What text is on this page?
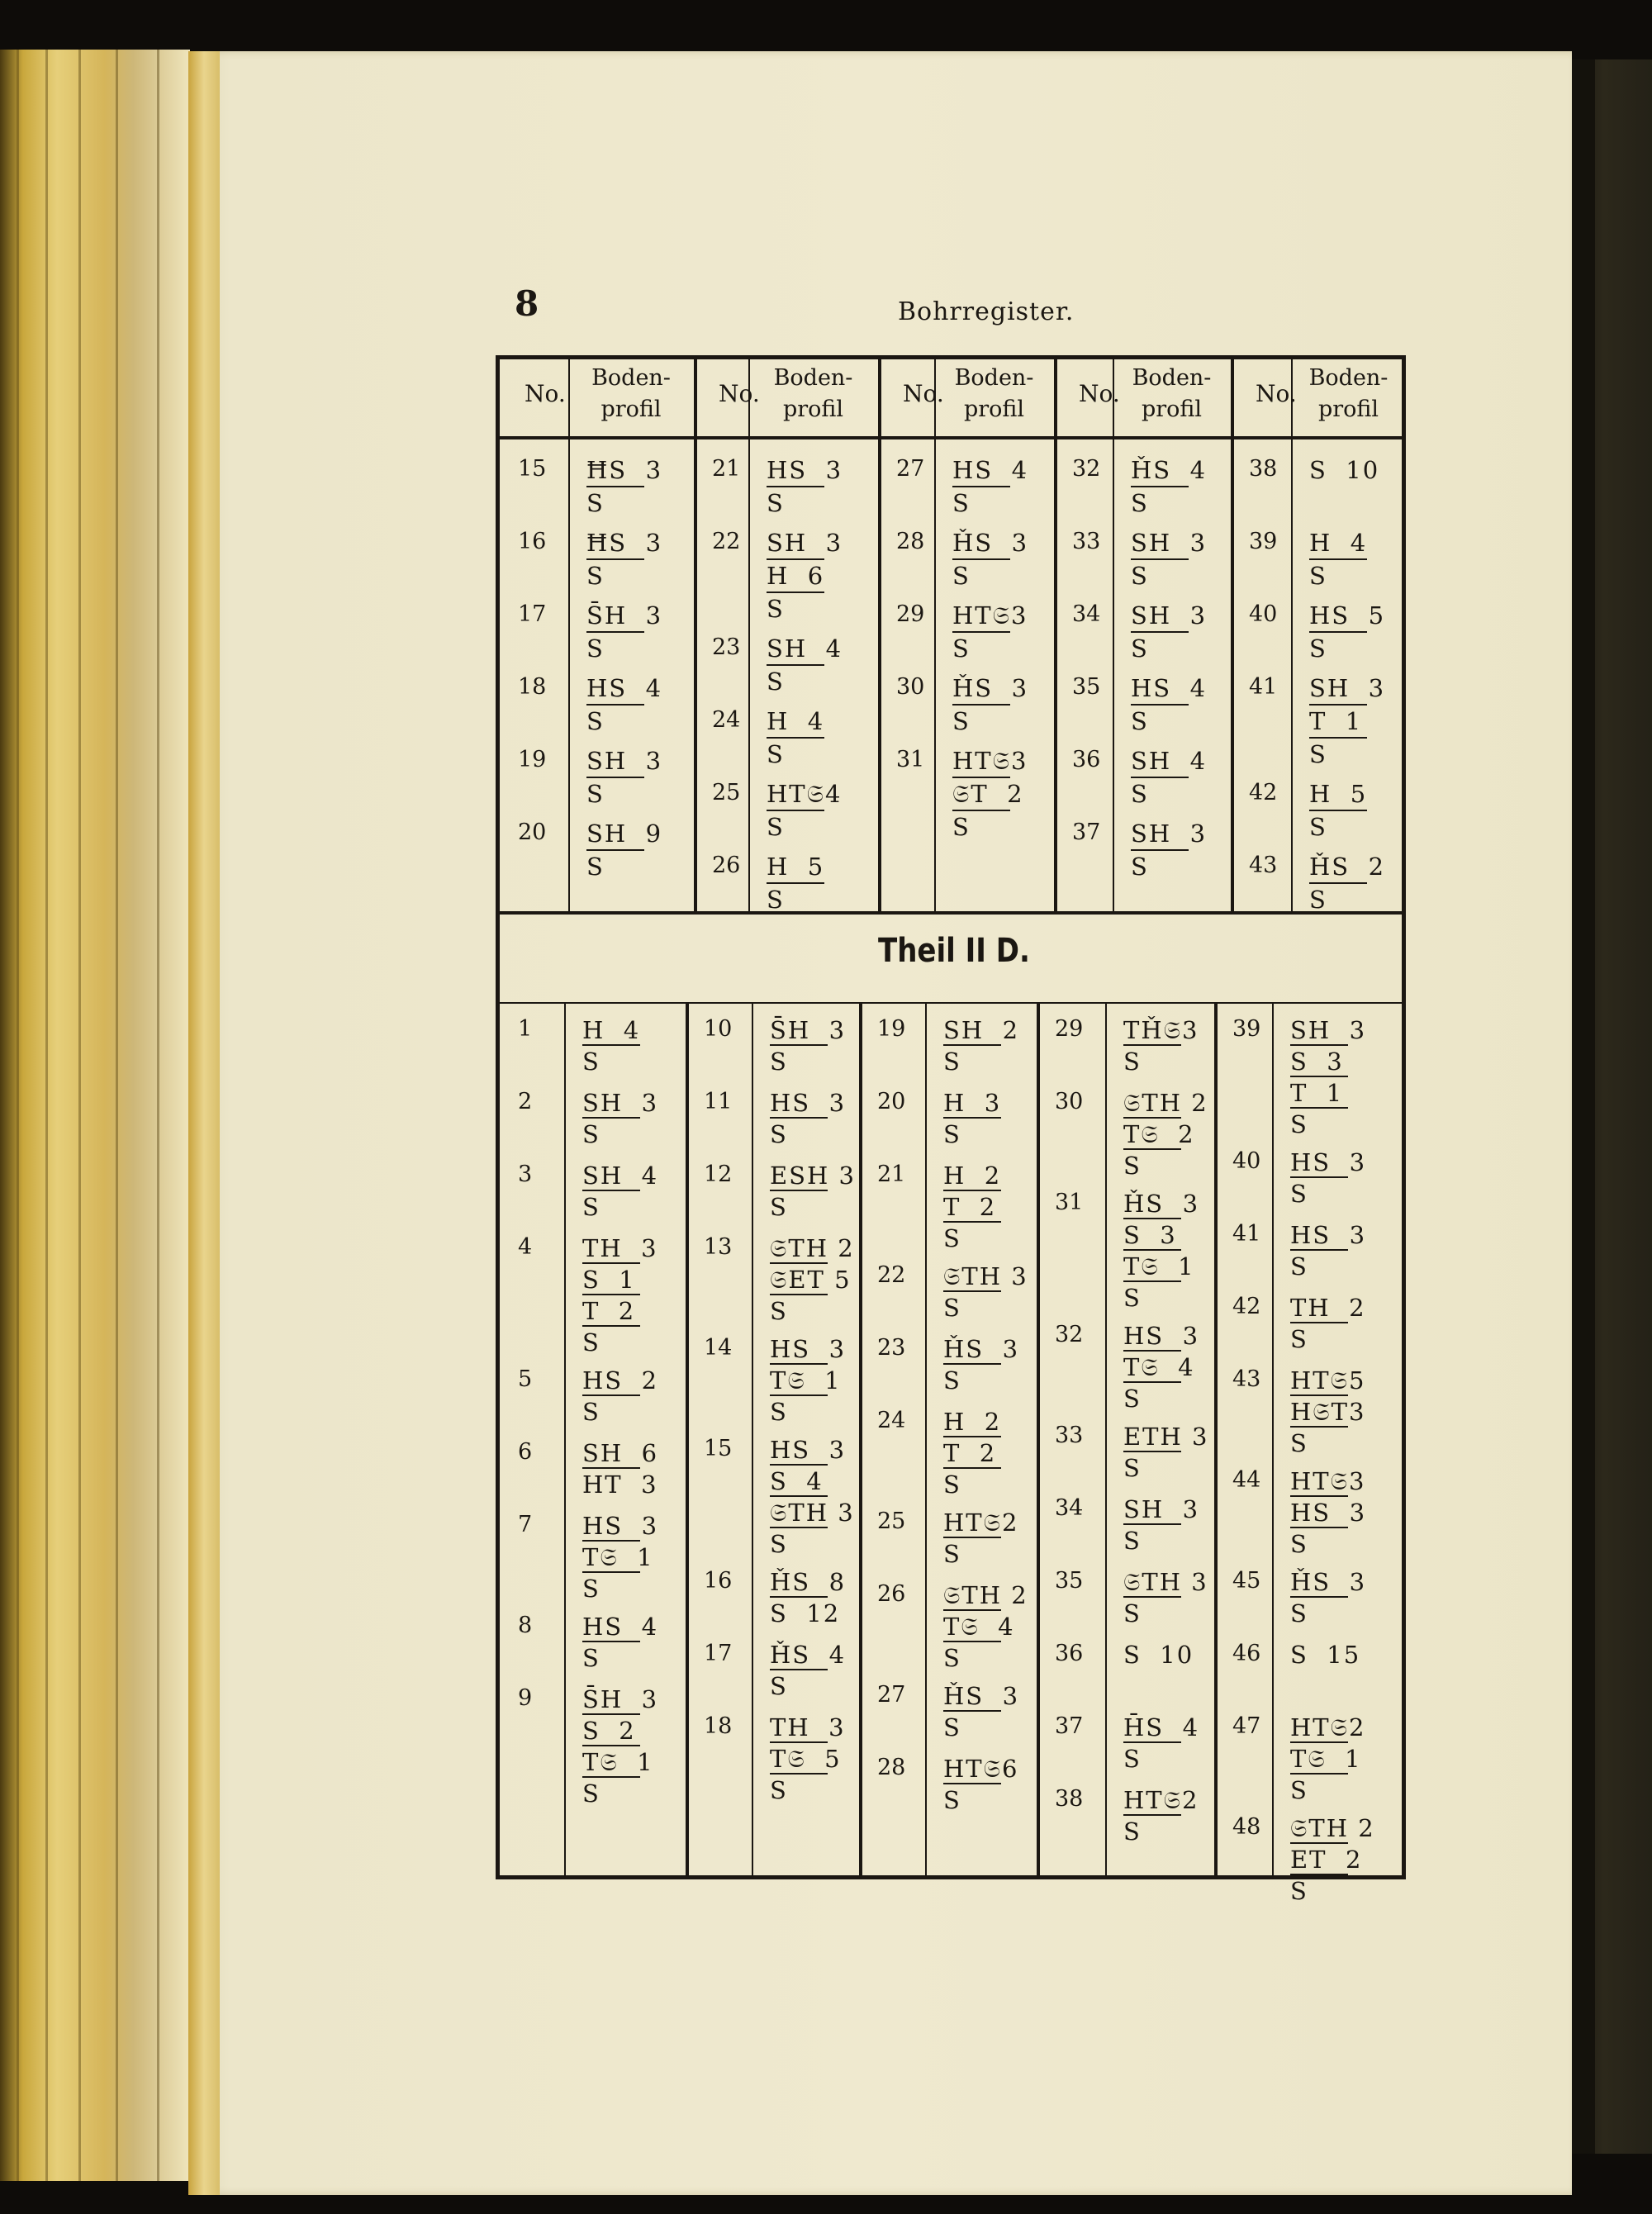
8	Bohrregister.
No.
Boden-
profil
No.
Boden-
profil
No.
Boden-
profil
No.
Boden-
profil
No.
Boden-
profil
15 ĦS  3
S
16 ĦS  3
S
17 S̄H  3
S
18 HS  4
S
19 SH  3
S
20 SH  9
S
21 HS  3
S
22 SH  3
H  6
S
23 SH  4
S
24 H  4
S
25 HT𝔖4
S
26 H  5
S
27 HS  4
S
28 ȞS  3
S
29 HT𝔖3
S
30 ȞS  3
S
31 HT𝔖3
𝔖T  2
S
32 ȞS  4
S
33 SH  3
S
34 SH  3
S
35 HS  4
S
36 SH  4
S
37 SH  3
S
38 S  10
39 H  4
S
40 HS  5
S
41 SH  3
T  1
S
42 H  5
S
43 ȞS  2
S
1 H  4
S
2 SH  3
S
3 SH  4
S
4 TH  3
S  1
T  2
S
5 HS  2
S
6 SH  6
HT  3
7 HS  3
T𝔖  1
S
8 HS  4
S
9 S̄H  3
S  2
T𝔖  1
S
10 S̄H  3
S
11 HS  3
S
12 ESH 3
S
13 𝔖TH 2
𝔖ET 5
S
14 HS  3
T𝔖  1
S
15 HS  3
S  4
𝔖TH 3
S
16 ȞS  8
S  12
17 ȞS  4
S
18 TH  3
T𝔖  5
S
19 SH  2
S
20 H  3
S
21 H  2
T  2
S
22 𝔖TH 3
S
23 ȞS  3
S
24 H  2
T  2
S
25 HT𝔖2
S
26 𝔖TH 2
T𝔖  4
S
27 ȞS  3
S
28 HT𝔖6
S
29 TȞ𝔖3
S
30 𝔖TH 2
T𝔖  2
S
31 ȞS  3
S  3
T𝔖  1
S
32 HS  3
T𝔖  4
S
33 ETH 3
S
34 SH  3
S
35 𝔖TH 3
S
36 S  10
37 H̄S  4
S
38 HT𝔖2
S
39 SH  3
S  3
T  1
S
40 HS  3
S
41 HS  3
S
42 TH  2
S
43 HT𝔖5
H𝔖T3
S
44 HT𝔖3
HS  3
S
45 ȞS  3
S
46 S  15
47 HT𝔖2
T𝔖  1
S
48 𝔖TH 2
ET  2
S
Theil II D.
